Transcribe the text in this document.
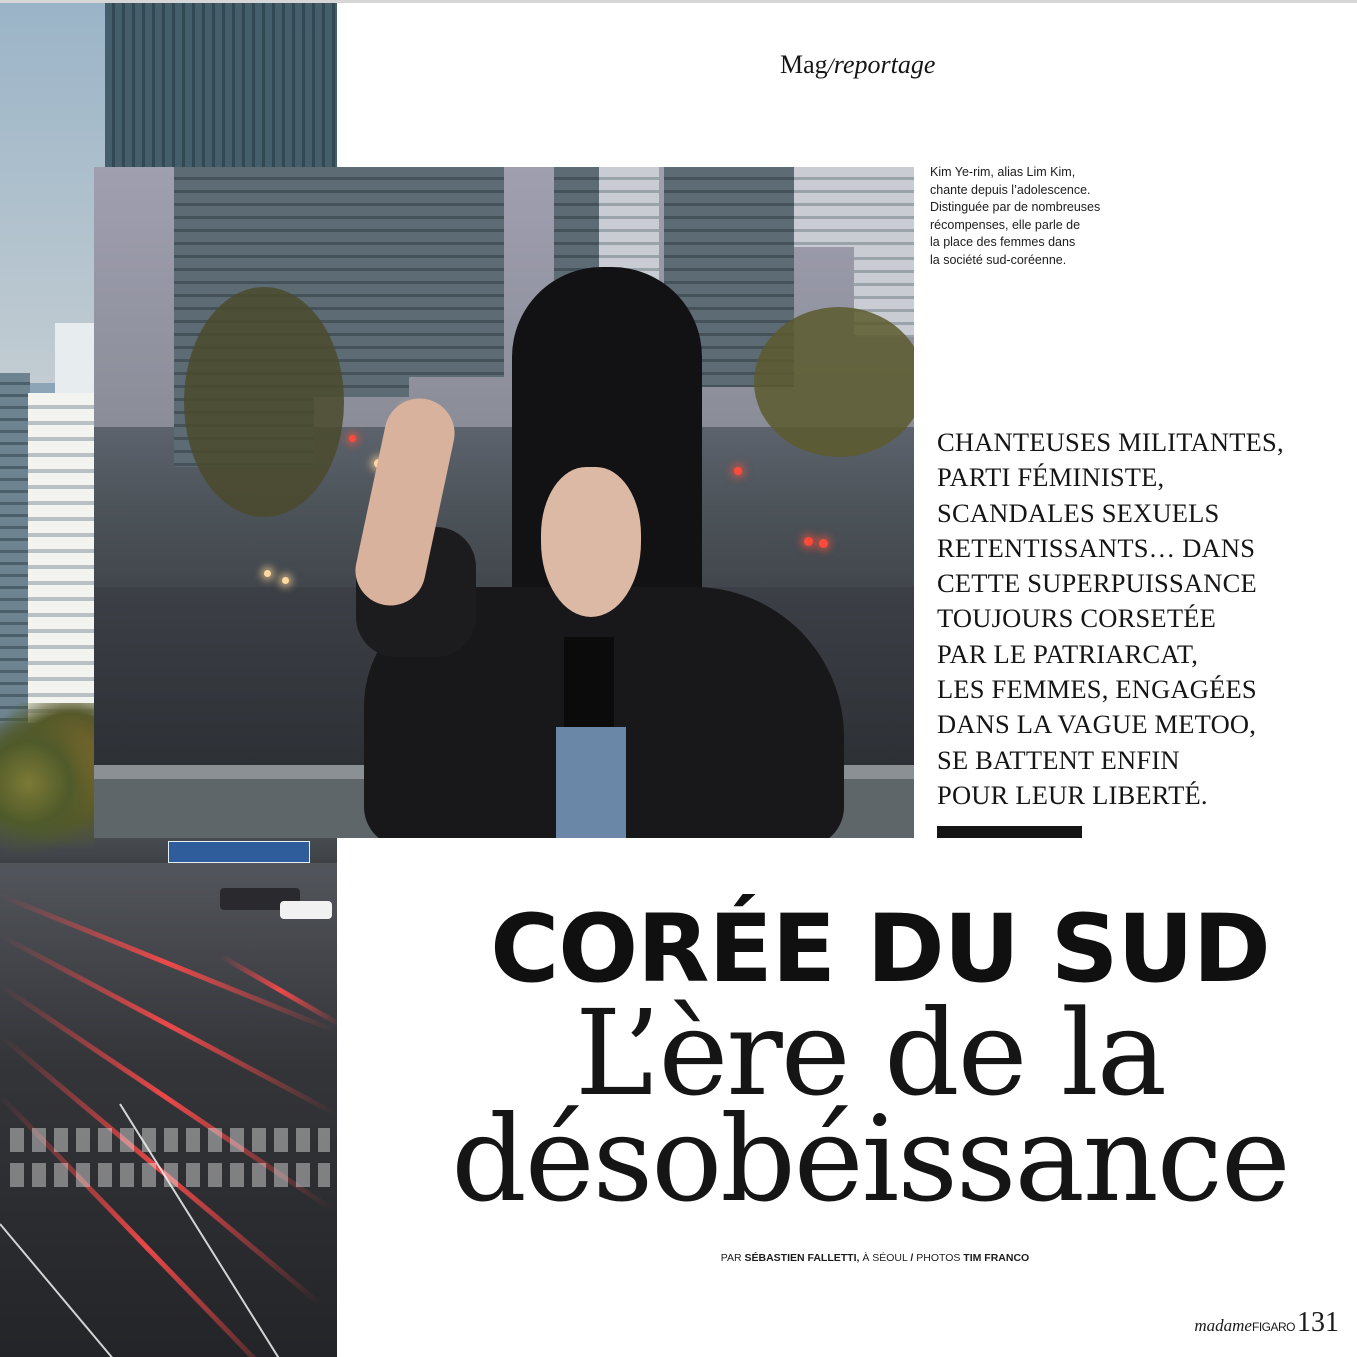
Mag/reportage
Kim Ye-rim, alias Lim Kim,
chante depuis l’adolescence.
Distinguée par de nombreuses
récompenses, elle parle de
la place des femmes dans
la société sud-coréenne.
CHANTEUSES MILITANTES,
PARTI FÉMINISTE,
SCANDALES SEXUELS
RETENTISSANTS… DANS
CETTE SUPERPUISSANCE
TOUJOURS CORSETÉE
PAR LE PATRIARCAT,
LES FEMMES, ENGAGÉES
DANS LA VAGUE METOO,
SE BATTENT ENFIN
POUR LEUR LIBERTÉ.
CORÉE DU SUD
L’ère de la
désobéissance
PAR SÉBASTIEN FALLETTI, À SÉOUL / PHOTOS TIM FRANCO
madameFIGARO131
